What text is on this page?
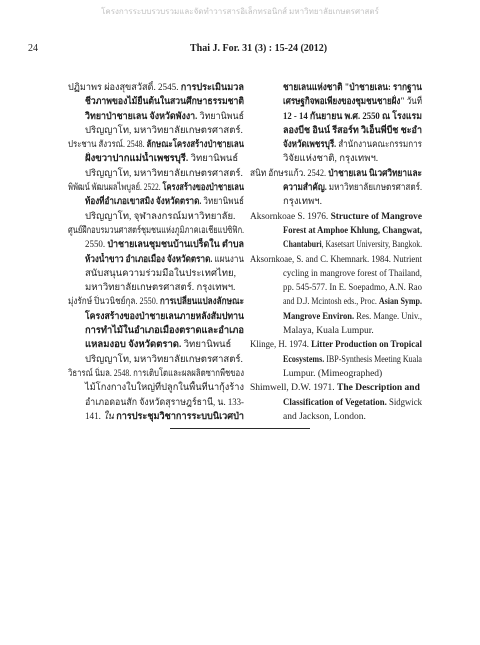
โครงการระบบรวบรวมและจัดทำวารสารอิเล็กทรอนิกส์ มหาวิทยาลัยเกษตรศาสตร์
24	Thai J. For. 31 (3) : 15-24 (2012)
ปฏิมาพร ผ่องสุขสวัสดิ์. 2545. การประเมินมวล
ชีวภาพของไม้ยืนต้นในสวนศึกษาธรรมชาติ
วิทยาป่าชายเลน จังหวัดพังงา. วิทยานิพนธ์
ปริญญาโท, มหาวิทยาลัยเกษตรศาสตร์.
ประชาน สังวรณ์. 2548. ลักษณะโครงสร้างป่าชายเลน
ฝั่งขวาปากแม่น้ำเพชรบุรี. วิทยานิพนธ์
ปริญญาโท, มหาวิทยาลัยเกษตรศาสตร์.
พิพัฒน์ พัฒนผลไพบูลย์. 2522. โครงสร้างของป่าชายเลน
ท้องที่อำเภอเขาสมิง จังหวัดตราด. วิทยานิพนธ์
ปริญญาโท, จุฬาลงกรณ์มหาวิทยาลัย.
ศูนย์ฝึกอบรมวนศาสตร์ชุมชนแห่งภูมิภาคเอเชียแปซิฟิก.
2550. ป่าชายเลนชุมชนบ้านเปร็ดใน ตำบล
ห้วงน้ำขาว อำเภอเมือง จังหวัดตราด. แผนงาน
สนับสนุนความร่วมมือในประเทศไทย,
มหาวิทยาลัยเกษตรศาสตร์. กรุงเทพฯ.
มุ่งรักษ์ ปิ่นวนิชย์กุล. 2550. การเปลี่ยนแปลงลักษณะ
โครงสร้างของป่าชายเลนภายหลังสัมปทาน
การทำไม้ในอำเภอเมืองตราดและอำเภอ
แหลมงอบ จังหวัดตราด. วิทยานิพนธ์
ปริญญาโท, มหาวิทยาลัยเกษตรศาสตร์.
วิธารณ์ นิ่มล. 2548. การเติบโตและผลผลิตซากพืชของ
ไม้โกงกางใบใหญ่ที่ปลูกในพื้นที่นากุ้งร้าง
อำเภอดอนสัก จังหวัดสุราษฎร์ธานี, น. 133-
141. ใน การประชุมวิชาการระบบนิเวศป่า
ชายเลนแห่งชาติ "ป่าชายเลน: รากฐาน
เศรษฐกิจพอเพียงของชุมชนชายฝั่ง" วันที่
12 - 14 กันยายน พ.ศ. 2550 ณ โรงแรม
ลองบีช อินน์ รีสอร์ท วิเอ็นพี่บีช ชะอำ
จังหวัดเพชรบุรี. สำนักงานคณะกรรมการ
วิจัยแห่งชาติ, กรุงเทพฯ.
สนิท อักษรแก้ว. 2542. ป่าชายเลน นิเวศวิทยาและ
ความสำคัญ. มหาวิทยาลัยเกษตรศาสตร์.
กรุงเทพฯ.
Aksornkoae S. 1976. Structure of Mangrove
Forest at Amphoe Khlung, Changwat,
Chantaburi, Kasetsart University, Bangkok.
Aksornkoae, S. and C. Khemnark. 1984. Nutrient
cycling in mangrove forest of Thailand,
pp. 545-577. In E. Soepadmo, A.N. Rao
and D.J. Mcintosh eds., Proc. Asian Symp.
Mangrove Environ. Res. Mange. Univ.,
Malaya, Kuala Lumpur.
Klinge, H. 1974. Litter Production on Tropical
Ecosystems. IBP-Synthesis Meeting Kuala
Lumpur. (Mimeographed)
Shimwell, D.W. 1971. The Description and
Classification of Vegetation. Sidgwick
and Jackson, London.
